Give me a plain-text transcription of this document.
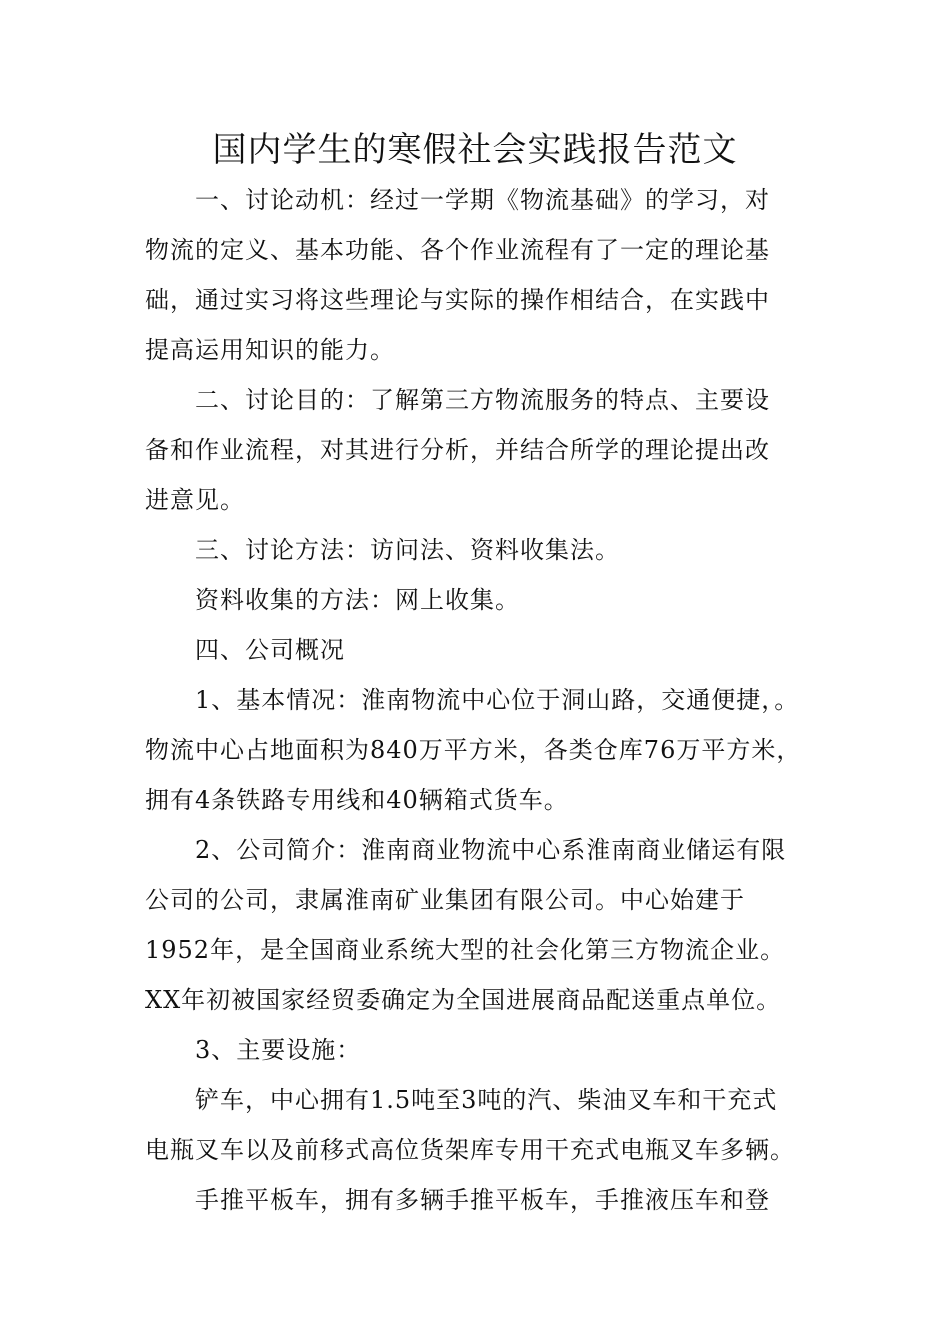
国内学生的寒假社会实践报告范文
一、讨论动机：经过一学期《物流基础》的学习，对
物流的定义、基本功能、各个作业流程有了一定的理论基
础，通过实习将这些理论与实际的操作相结合，在实践中
提高运用知识的能力。
二、讨论目的：了解第三方物流服务的特点、主要设
备和作业流程，对其进行分析，并结合所学的理论提出改
进意见。
三、讨论方法：访问法、资料收集法。
资料收集的方法：网上收集。
四、公司概况
1、基本情况：淮南物流中心位于洞山路，交通便捷，。
物流中心占地面积为840万平方米，各类仓库76万平方米，
拥有4条铁路专用线和40辆箱式货车。
2、公司简介：淮南商业物流中心系淮南商业储运有限
公司的公司，隶属淮南矿业集团有限公司。中心始建于
1952年，是全国商业系统大型的社会化第三方物流企业。
XX年初被国家经贸委确定为全国进展商品配送重点单位。
3、主要设施：
铲车，中心拥有1.5吨至3吨的汽、柴油叉车和干充式
电瓶叉车以及前移式高位货架库专用干充式电瓶叉车多辆。
手推平板车，拥有多辆手推平板车，手推液压车和登
